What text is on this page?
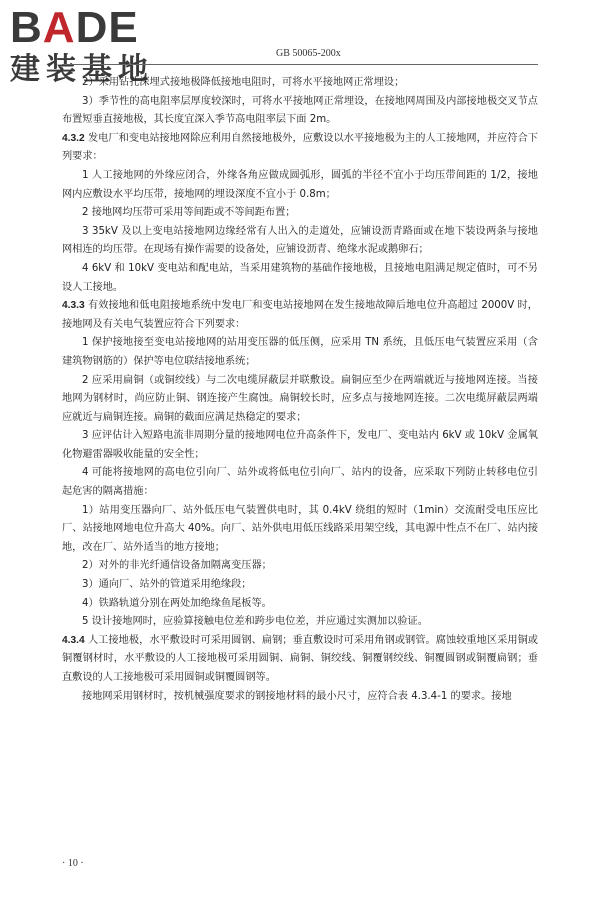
BADE
建装基地	GB 50065-200x

2）采用钻孔深埋式接地极降低接地电阻时，可将水平接地网正常埋设；

3）季节性的高电阻率层厚度较深时，可将水平接地网正常埋设，在接地网周围及内部接地极交叉节点布置短垂直接地极，其长度宜深入季节高电阻率层下面 2m。

4.3.2 发电厂和变电站接地网除应利用自然接地极外，应敷设以水平接地极为主的人工接地网，并应符合下列要求：

1 人工接地网的外缘应闭合，外缘各角应做成圆弧形，圆弧的半径不宜小于均压带间距的 1/2，接地网内应敷设水平均压带，接地网的埋设深度不宜小于 0.8m；

2 接地网均压带可采用等间距或不等间距布置；

3 35kV 及以上变电站接地网边缘经常有人出入的走道处，应铺设沥青路面或在地下装设两条与接地网相连的均压带。在现场有操作需要的设备处，应铺设沥青、绝缘水泥或鹅卵石；

4 6kV 和 10kV 变电站和配电站，当采用建筑物的基础作接地极，且接地电阻满足规定值时，可不另设人工接地。

4.3.3 有效接地和低电阻接地系统中发电厂和变电站接地网在发生接地故障后地电位升高超过 2000V 时，接地网及有关电气装置应符合下列要求：

1 保护接地接至变电站接地网的站用变压器的低压侧，应采用 TN 系统，且低压电气装置应采用（含建筑物钢筋的）保护等电位联结接地系统；

2 应采用扁铜（或铜绞线）与二次电缆屏蔽层并联敷设。扁铜应至少在两端就近与接地网连接。当接地网为钢材时，尚应防止铜、钢连接产生腐蚀。扁铜较长时，应多点与接地网连接。二次电缆屏蔽层两端应就近与扁铜连接。扁铜的截面应满足热稳定的要求；

3 应评估计入短路电流非周期分量的接地网电位升高条件下，发电厂、变电站内 6kV 或 10kV 金属氧化物避雷器吸收能量的安全性；

4 可能将接地网的高电位引向厂、站外或将低电位引向厂、站内的设备，应采取下列防止转移电位引起危害的隔离措施：

1）站用变压器向厂、站外低压电气装置供电时，其 0.4kV 绕组的短时（1min）交流耐受电压应比厂、站接地网地电位升高大 40%。向厂、站外供电用低压线路采用架空线，其电源中性点不在厂、站内接地，改在厂、站外适当的地方接地；

2）对外的非光纤通信设备加隔离变压器；

3）通向厂、站外的管道采用绝缘段；

4）铁路轨道分别在两处加绝缘鱼尾板等。

5 设计接地网时，应验算接触电位差和跨步电位差，并应通过实测加以验证。

4.3.4 人工接地极，水平敷设时可采用圆钢、扁钢；垂直敷设时可采用角钢或钢管。腐蚀较重地区采用铜或铜覆钢材时，水平敷设的人工接地极可采用圆铜、扁铜、铜绞线、铜覆钢绞线、铜覆圆钢或铜覆扁钢；垂直敷设的人工接地极可采用圆铜或铜覆圆钢等。

接地网采用钢材时，按机械强度要求的钢接地材料的最小尺寸，应符合表 4.3.4-1 的要求。接地

· 10 ·
